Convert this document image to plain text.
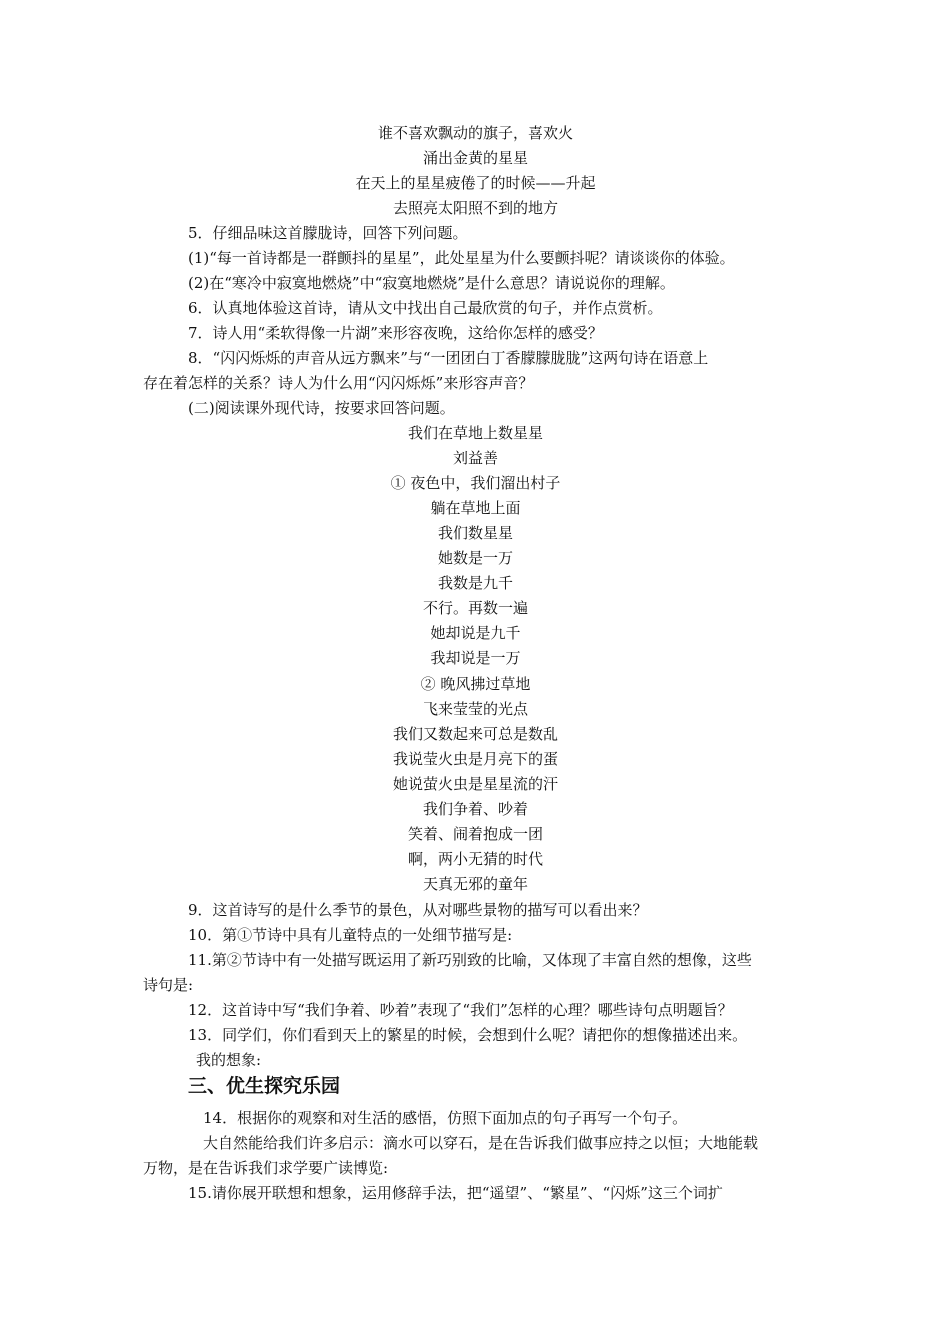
谁不喜欢飘动的旗子，喜欢火
涌出金黄的星星
在天上的星星疲倦了的时候——升起
去照亮太阳照不到的地方
5．仔细品味这首朦胧诗，回答下列问题。
(1)“每一首诗都是一群颤抖的星星”，此处星星为什么要颤抖呢？请谈谈你的体验。
(2)在“寒冷中寂寞地燃烧”中“寂寞地燃烧”是什么意思？请说说你的理解。
6．认真地体验这首诗，请从文中找出自己最欣赏的句子，并作点赏析。
7．诗人用“柔软得像一片湖”来形容夜晚，这给你怎样的感受？
8．“闪闪烁烁的声音从远方飘来”与“一团团白丁香朦朦胧胧”这两句诗在语意上
存在着怎样的关系？诗人为什么用“闪闪烁烁”来形容声音？
(二)阅读课外现代诗，按要求回答问题。
我们在草地上数星星
刘益善
① 夜色中，我们溜出村子
躺在草地上面
我们数星星
她数是一万
我数是九千
不行。再数一遍
她却说是九千
我却说是一万
② 晚风拂过草地
飞来莹莹的光点
我们又数起来可总是数乱
我说莹火虫是月亮下的蛋
她说萤火虫是星星流的汗
我们争着、吵着
笑着、闹着抱成一团
啊，两小无猜的时代
天真无邪的童年
9．这首诗写的是什么季节的景色，从对哪些景物的描写可以看出来？
10．第①节诗中具有儿童特点的一处细节描写是:
11.第②节诗中有一处描写既运用了新巧别致的比喻，又体现了丰富自然的想像，这些
诗句是:
12．这首诗中写“我们争着、吵着”表现了“我们”怎样的心理？哪些诗句点明题旨？
13．同学们，你们看到天上的繁星的时候，会想到什么呢？请把你的想像描述出来。
我的想象:
三、优生探究乐园
14．根据你的观察和对生活的感悟，仿照下面加点的句子再写一个句子。
大自然能给我们许多启示：滴水可以穿石，是在告诉我们做事应持之以恒；大地能载
万物，是在告诉我们求学要广读博览:
15.请你展开联想和想象，运用修辞手法，把“遥望”、“繁星”、“闪烁”这三个词扩
